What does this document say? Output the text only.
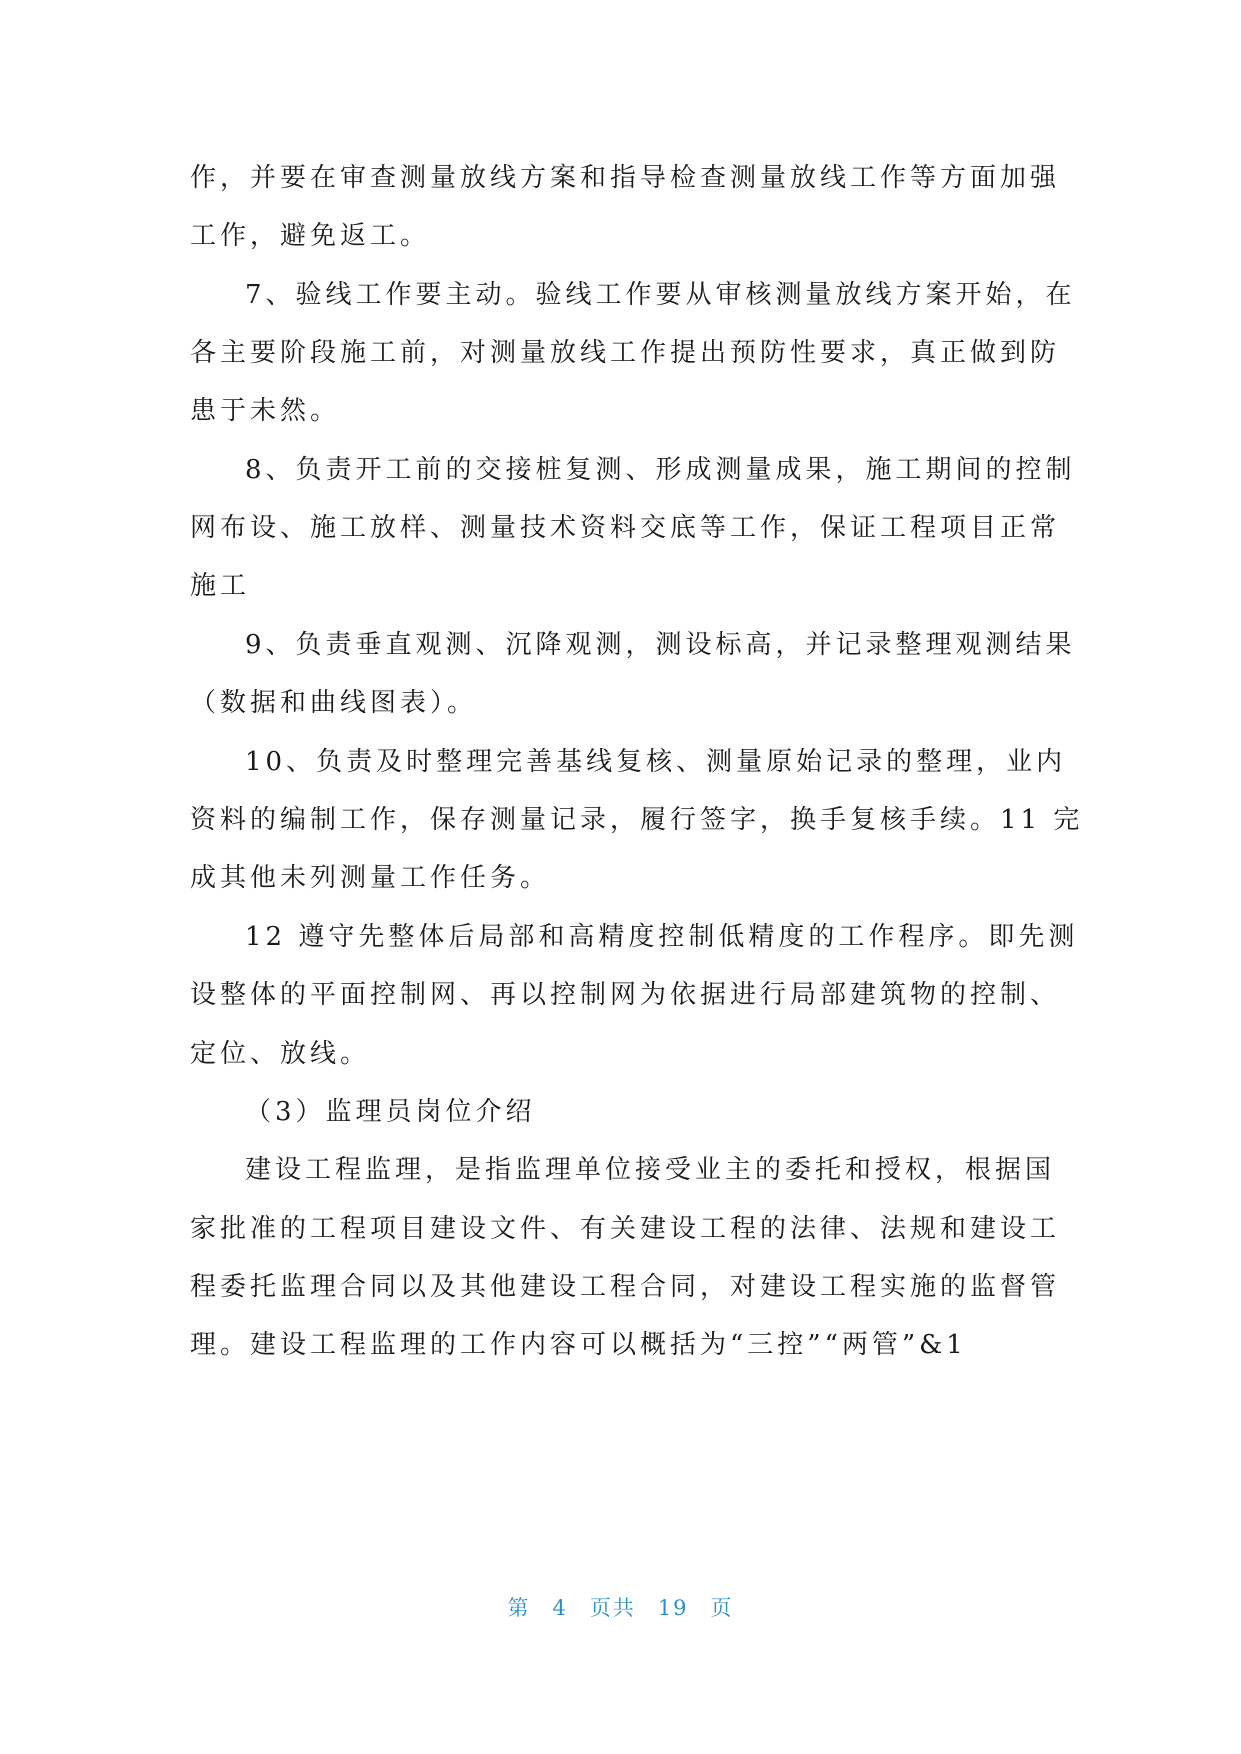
作，并要在审查测量放线方案和指导检查测量放线工作等方面加强
工作，避免返工。
7、验线工作要主动。验线工作要从审核测量放线方案开始，在
各主要阶段施工前，对测量放线工作提出预防性要求，真正做到防
患于未然。
8、负责开工前的交接桩复测、形成测量成果，施工期间的控制
网布设、施工放样、测量技术资料交底等工作，保证工程项目正常
施工
9、负责垂直观测、沉降观测，测设标高，并记录整理观测结果
（数据和曲线图表）。
10、负责及时整理完善基线复核、测量原始记录的整理，业内
资料的编制工作，保存测量记录，履行签字，换手复核手续。11 完
成其他未列测量工作任务。
12 遵守先整体后局部和高精度控制低精度的工作程序。即先测
设整体的平面控制网、再以控制网为依据进行局部建筑物的控制、
定位、放线。
（3）监理员岗位介绍
建设工程监理，是指监理单位接受业主的委托和授权，根据国
家批准的工程项目建设文件、有关建设工程的法律、法规和建设工
程委托监理合同以及其他建设工程合同，对建设工程实施的监督管
理。建设工程监理的工作内容可以概括为“三控”“两管”&1
第 4 页共 19 页
